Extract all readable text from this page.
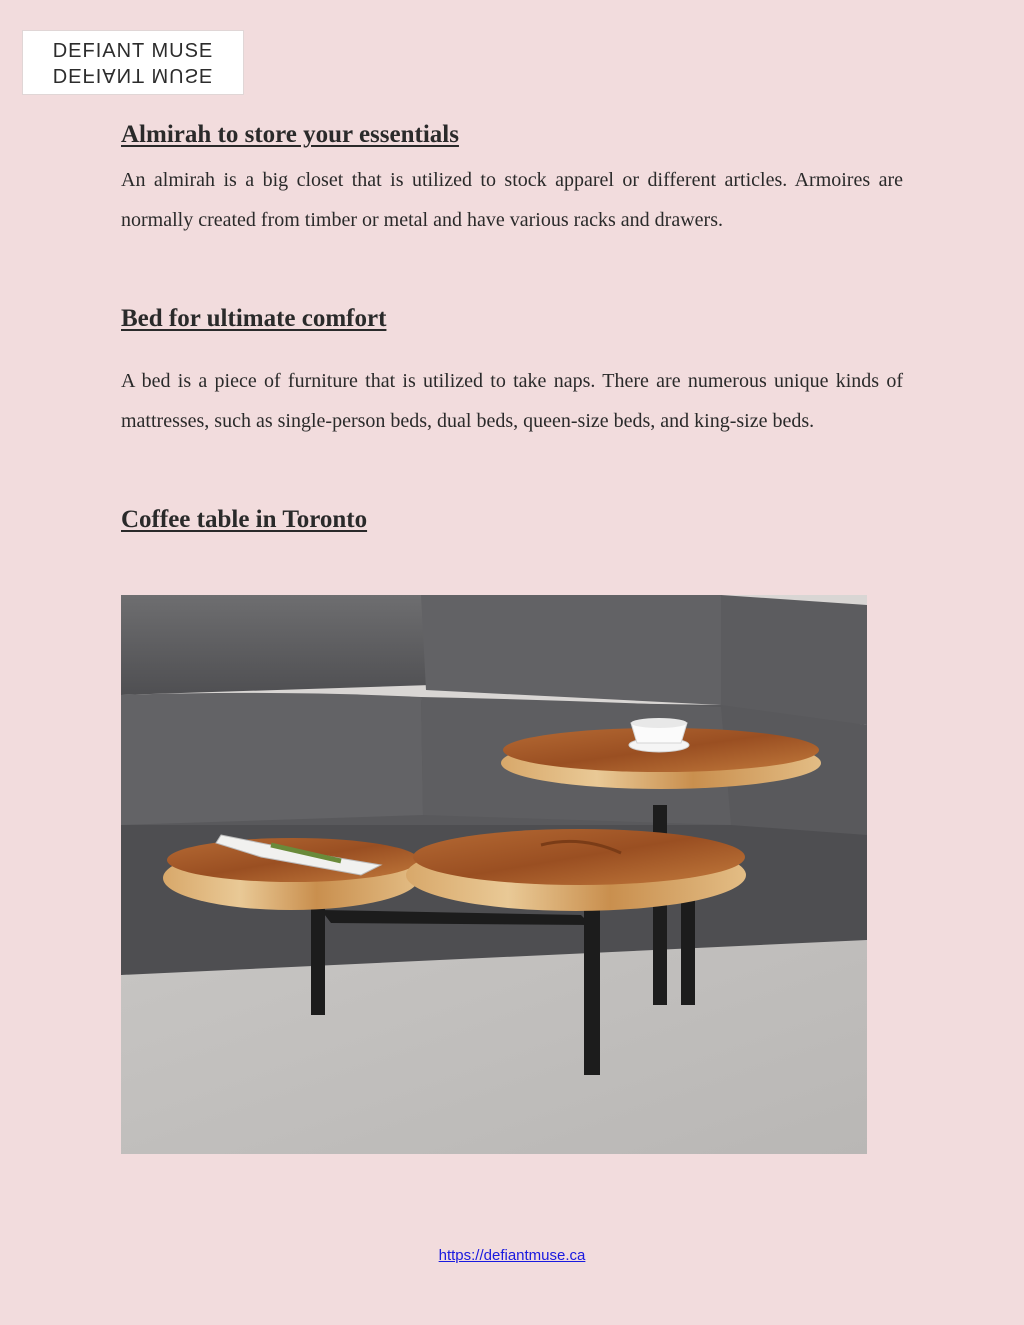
DEFIANT MUSE
DEFIANT MUSE
Almirah to store your essentials

An almirah is a big closet that is utilized to stock apparel or different articles. Armoires are normally created from timber or metal and have various racks and drawers.

Bed for ultimate comfort

A bed is a piece of furniture that is utilized to take naps. There are numerous unique kinds of mattresses, such as single-person beds, dual beds, queen-size beds, and king-size beds.

Coffee table in Toronto
https://defiantmuse.ca
